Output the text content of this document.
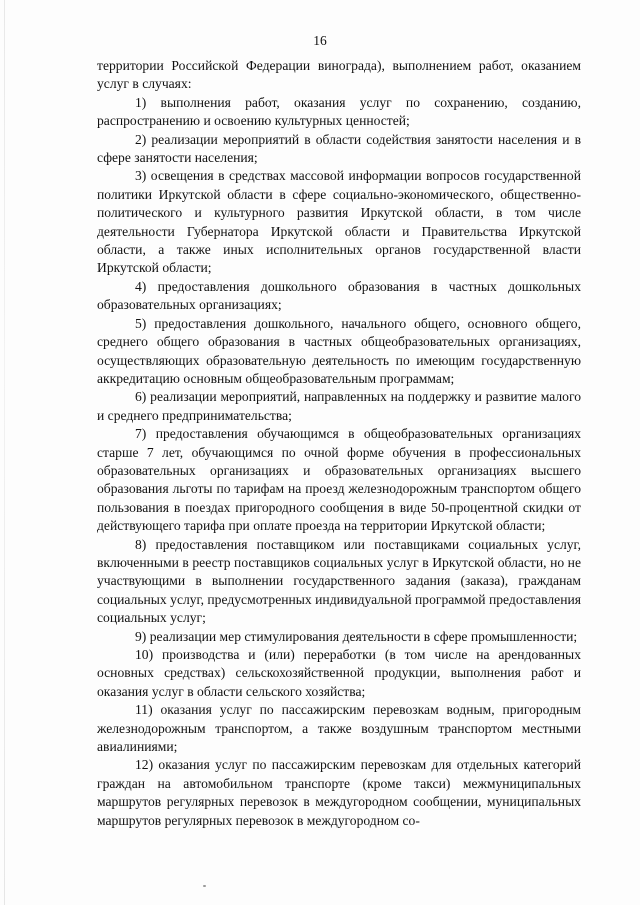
16

территории Российской Федерации винограда), выполнением работ, оказанием услуг в случаях:

1) выполнения работ, оказания услуг по сохранению, созданию, распространению и освоению культурных ценностей;

2) реализации мероприятий в области содействия занятости населения и в сфере занятости населения;

3) освещения в средствах массовой информации вопросов государственной политики Иркутской области в сфере социально-экономического, общественно-политического и культурного развития Иркутской области, в том числе деятельности Губернатора Иркутской области и Правительства Иркутской области, а также иных исполнительных органов государственной власти Иркутской области;

4) предоставления дошкольного образования в частных дошкольных образовательных организациях;

5) предоставления дошкольного, начального общего, основного общего, среднего общего образования в частных общеобразовательных организациях, осуществляющих образовательную деятельность по имеющим государственную аккредитацию основным общеобразовательным программам;

6) реализации мероприятий, направленных на поддержку и развитие малого и среднего предпринимательства;

7) предоставления обучающимся в общеобразовательных организациях старше 7 лет, обучающимся по очной форме обучения в профессиональных образовательных организациях и образовательных организациях высшего образования льготы по тарифам на проезд железнодорожным транспортом общего пользования в поездах пригородного сообщения в виде 50-процентной скидки от действующего тарифа при оплате проезда на территории Иркутской области;

8) предоставления поставщиком или поставщиками социальных услуг, включенными в реестр поставщиков социальных услуг в Иркутской области, но не участвующими в выполнении государственного задания (заказа), гражданам социальных услуг, предусмотренных индивидуальной программой предоставления социальных услуг;

9) реализации мер стимулирования деятельности в сфере промышленности;

10) производства и (или) переработки (в том числе на арендованных основных средствах) сельскохозяйственной продукции, выполнения работ и оказания услуг в области сельского хозяйства;

11) оказания услуг по пассажирским перевозкам водным, пригородным железнодорожным транспортом, а также воздушным транспортом местными авиалиниями;

12) оказания услуг по пассажирским перевозкам для отдельных категорий граждан на автомобильном транспорте (кроме такси) межмуниципальных маршрутов регулярных перевозок в междугородном сообщении, муниципальных маршрутов регулярных перевозок в междугородном со-
